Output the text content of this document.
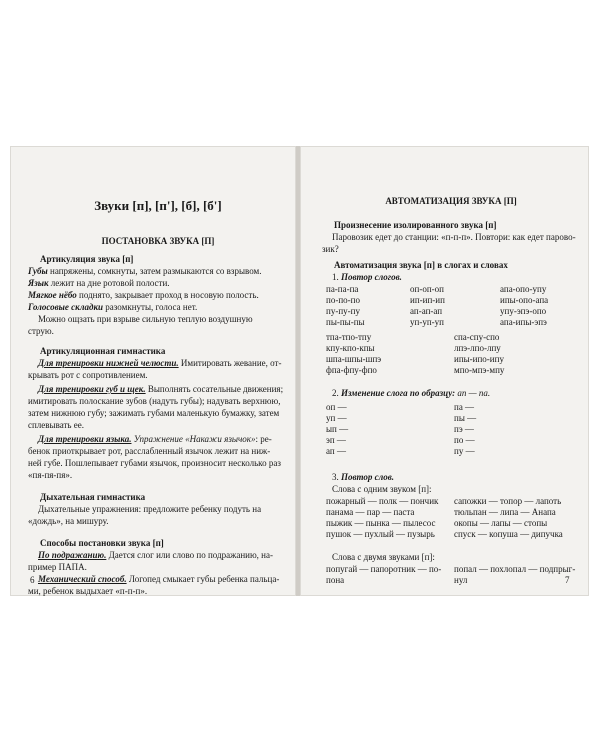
Звуки [п], [п'], [б], [б']
ПОСТАНОВКА ЗВУКА [П]
Артикуляция звука [п]
Губы напряжены, сомкнуты, затем размыкаются со взрывом.
Язык лежит на дне ротовой полости.
Мягкое нёбо поднято, закрывает проход в носовую полость.
Голосовые складки разомкнуты, голоса нет.
Можно ощзать при взрыве сильную теплую воздушную
струю.
Артикуляционная гимнастика
Для тренировки нижней челюсти. Имитировать жевание, от-
крывать рот с сопротивлением.
Для тренировки губ и щек. Выполнять сосательные движения;
имитировать полоскание зубов (надуть губы); надувать верхнюю,
затем нижнюю губу; зажимать губами маленькую бумажку, затем
сплевывать ее.
Для тренировки языка. Упражнение «Накажи язычок»: ре-
бенок приоткрывает рот, расслабленный язычок лежит на ниж-
ней губе. Пошлепывает губами язычок, произносит несколько раз
«пя-пя-пя».
Дыхательная гимнастика
Дыхательные упражнения: предложите ребенку подуть на
«дождь», на мишуру.
Способы постановки звука [п]
По подражанию. Дается слог или слово по подражанию, на-
пример ПАПА.
Механический способ. Логопед смыкает губы ребенка пальца-
ми, ребенок выдыхает «п-п-п».
АВТОМАТИЗАЦИЯ ЗВУКА [П]
Произнесение изолированного звука [п]
Паровозик едет до станции: «п-п-п». Повтори: как едет паровo-
зик?
Автоматизация звука [п] в слогах и словах
1. Повтор слогов.
па-па-па
по-по-по
пу-пу-пу
пы-пы-пы
оп-оп-оп
ип-ип-ип
ап-ап-ап
уп-уп-уп
апа-опо-упу
ипы-опо-апа
упу-эпэ-опо
апа-ипы-эпэ
тпа-тпо-тпу
кпу-кпо-кпы
шпа-шпы-шпэ
фпа-фпу-фпо
спа-спу-спо
лпэ-лпо-лпу
ипы-ипо-ипу
мпо-мпэ-мпу
2. Изменение слога по образцу: ап — па.
оп —
уп —
ып —
эп —
ап —
па —
пы —
пэ —
по —
пу —
3. Повтор слов.
Слова с одним звуком [п]:
пожарный — полк — пончик
панама — пар — паста
пыжик — пынка — пылесос
пушок — пухлый — пузырь
сапожки — топор — лапоть
тюльпан — липа — Анапа
окопы — лапы — стопы
спуск — копуша — дипучка
Слова с двумя звуками [п]:
попугай — папоротник — по-
пона
попал — похлопал — подпрыг-
нул
6	7
